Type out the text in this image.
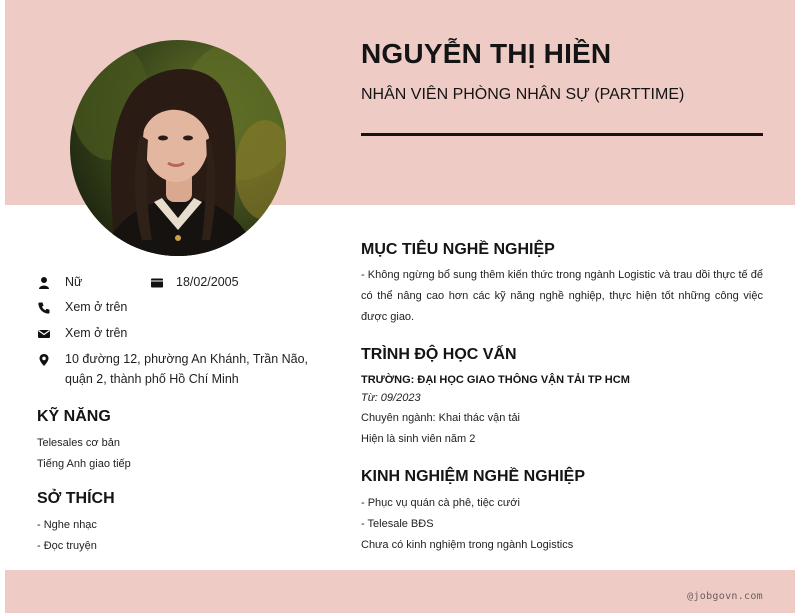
NGUYỄN THỊ HIỀN
NHÂN VIÊN PHÒNG NHÂN SỰ (PARTTIME)
Nữ	18/02/2005
Xem ở trên
Xem ở trên
10 đường 12, phường An Khánh, Trần Não,
quận 2, thành phố Hồ Chí Minh
KỸ NĂNG
Telesales cơ bản
Tiếng Anh giao tiếp
SỞ THÍCH
- Nghe nhạc
- Đọc truyện
MỤC TIÊU NGHỀ NGHIỆP
- Không ngừng bổ sung thêm kiến thức trong ngành Logistic và trau dồi thực tế để có thể nâng cao hơn các kỹ năng nghề nghiệp, thực hiện tốt những công việc được giao.
TRÌNH ĐỘ HỌC VẤN
TRƯỜNG: ĐẠI HỌC GIAO THÔNG VẬN TẢI TP HCM
Từ: 09/2023
Chuyên ngành: Khai thác vận tải
Hiện là sinh viên năm 2
KINH NGHIỆM NGHỀ NGHIỆP
- Phục vụ quán cà phê, tiệc cưới
- Telesale BĐS
Chưa có kinh nghiệm trong ngành Logistics
@jobgovn.com
